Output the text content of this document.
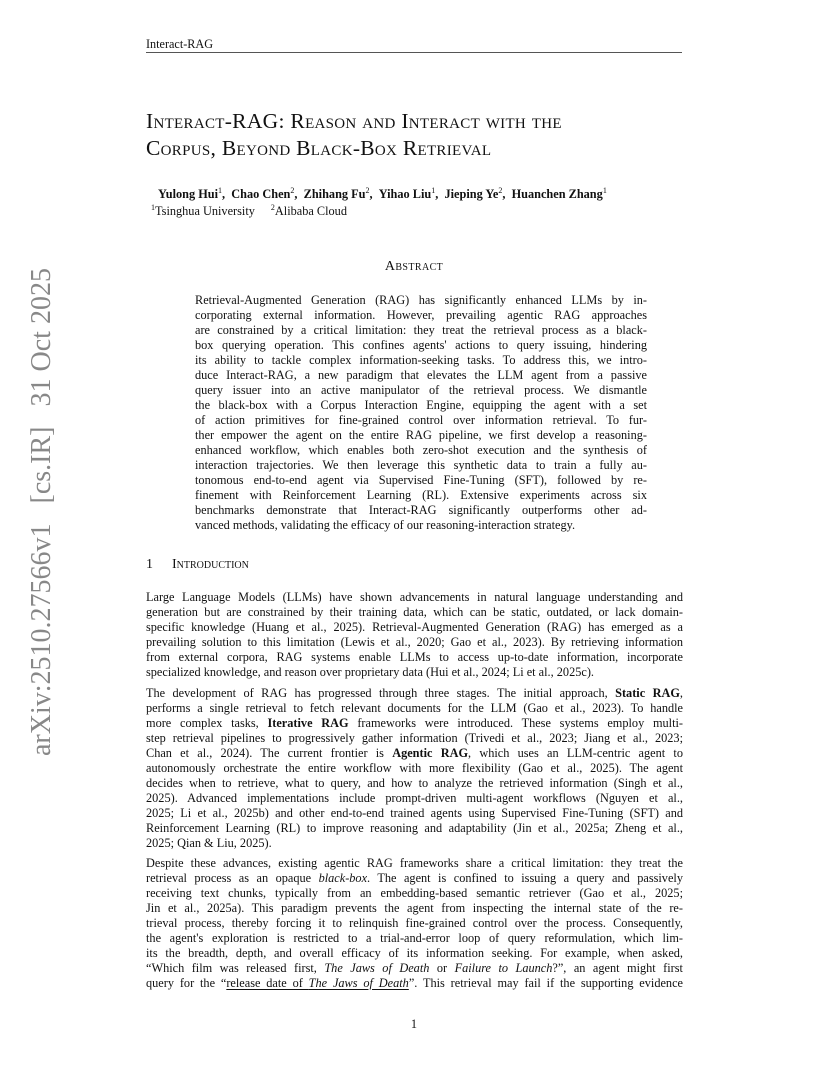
Interact-RAG
arXiv:2510.27566v1[cs.IR]31 Oct 2025
Interact-RAG: Reason and Interact with the
Corpus, Beyond Black-Box Retrieval
Yulong Hui$^1$,  Chao Chen$^2$,  Zhihang Fu$^2$,  Yihao Liu$^1$,  Jieping Ye$^2$,  Huanchen Zhang$^1$
$^1$Tsinghua University $^2$Alibaba Cloud
Abstract
Retrieval-Augmented Generation (RAG) has significantly enhanced LLMs by in-
corporating external information. However, prevailing agentic RAG approaches
are constrained by a critical limitation: they treat the retrieval process as a black-
box querying operation. This confines agents' actions to query issuing, hindering
its ability to tackle complex information-seeking tasks. To address this, we intro-
duce Interact-RAG, a new paradigm that elevates the LLM agent from a passive
query issuer into an active manipulator of the retrieval process. We dismantle
the black-box with a Corpus Interaction Engine, equipping the agent with a set
of action primitives for fine-grained control over information retrieval. To fur-
ther empower the agent on the entire RAG pipeline, we first develop a reasoning-
enhanced workflow, which enables both zero-shot execution and the synthesis of
interaction trajectories. We then leverage this synthetic data to train a fully au-
tonomous end-to-end agent via Supervised Fine-Tuning (SFT), followed by re-
finement with Reinforcement Learning (RL). Extensive experiments across six
benchmarks demonstrate that Interact-RAG significantly outperforms other ad-
vanced methods, validating the efficacy of our reasoning-interaction strategy.
1 Introduction
Large Language Models (LLMs) have shown advancements in natural language understanding and
generation but are constrained by their training data, which can be static, outdated, or lack domain-
specific knowledge (Huang et al., 2025). Retrieval-Augmented Generation (RAG) has emerged as a
prevailing solution to this limitation (Lewis et al., 2020; Gao et al., 2023). By retrieving information
from external corpora, RAG systems enable LLMs to access up-to-date information, incorporate
specialized knowledge, and reason over proprietary data (Hui et al., 2024; Li et al., 2025c).
The development of RAG has progressed through three stages. The initial approach, Static RAG,
performs a single retrieval to fetch relevant documents for the LLM (Gao et al., 2023). To handle
more complex tasks, Iterative RAG frameworks were introduced. These systems employ multi-
step retrieval pipelines to progressively gather information (Trivedi et al., 2023; Jiang et al., 2023;
Chan et al., 2024). The current frontier is Agentic RAG, which uses an LLM-centric agent to
autonomously orchestrate the entire workflow with more flexibility (Gao et al., 2025). The agent
decides when to retrieve, what to query, and how to analyze the retrieved information (Singh et al.,
2025). Advanced implementations include prompt-driven multi-agent workflows (Nguyen et al.,
2025; Li et al., 2025b) and other end-to-end trained agents using Supervised Fine-Tuning (SFT) and
Reinforcement Learning (RL) to improve reasoning and adaptability (Jin et al., 2025a; Zheng et al.,
2025; Qian & Liu, 2025).
Despite these advances, existing agentic RAG frameworks share a critical limitation: they treat the
retrieval process as an opaque black-box. The agent is confined to issuing a query and passively
receiving text chunks, typically from an embedding-based semantic retriever (Gao et al., 2025;
Jin et al., 2025a). This paradigm prevents the agent from inspecting the internal state of the re-
trieval process, thereby forcing it to relinquish fine-grained control over the process. Consequently,
the agent's exploration is restricted to a trial-and-error loop of query reformulation, which lim-
its the breadth, depth, and overall efficacy of its information seeking. For example, when asked,
“Which film was released first, The Jaws of Death or Failure to Launch?”, an agent might first
query for the “release date of The Jaws of Death”. This retrieval may fail if the supporting evidence
1
